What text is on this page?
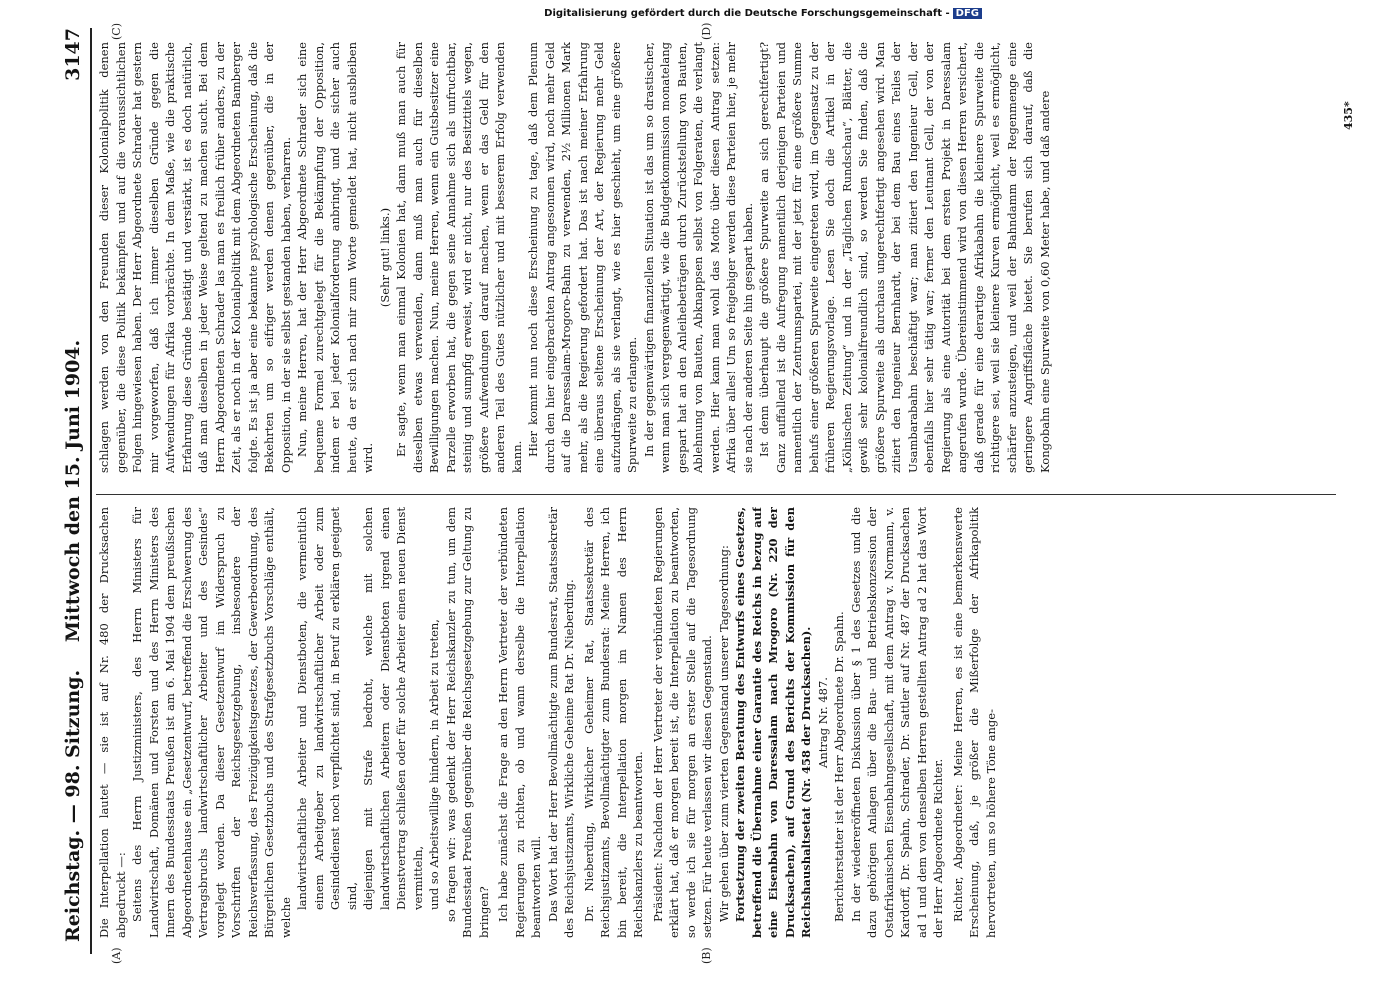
Digitalisierung gefördert durch die Deutsche Forschungsgemeinschaft - DFG
Reichstag. — 98. Sitzung.
Mittwoch den 15. Juni 1904.
3147
(A)	(B)
(C)	(D)

Die Interpellation lautet — sie ist auf Nr. 480 der Drucksachen abgedruckt —: Seitens des Herrn Justizministers, des Herrn Ministers für Landwirtschaft, Domänen und Forsten und des Herrn Ministers des Innern des Bundesstaats Preußen ist am 6. Mai 1904 dem preußischen Abgeordnetenhause ein „Gesetzentwurf, betreffend die Erschwerung des Vertragsbruchs landwirtschaftlicher Arbeiter und des Gesindes“ vorgelegt worden. Da dieser Gesetzentwurf im Widerspruch zu Vorschriften der Reichsgesetzgebung, insbesondere der Reichsverfassung, des Freizügigkeitsgesetzes, der Gewerbeordnung, des Bürgerlichen Gesetzbuchs und des Strafgesetzbuchs Vorschläge enthält, welche

landwirtschaftliche Arbeiter und Dienstboten, die vermeintlich einem Arbeitgeber zu landwirtschaftlicher Arbeit oder zum Gesindedienst noch verpflichtet sind, in Beruf zu erklären geeignet sind, diejenigen mit Strafe bedroht, welche mit solchen landwirtschaftlichen Arbeitern oder Dienstboten irgend einen Dienstvertrag schließen oder für solche Arbeiter einen neuen Dienst vermitteln, und so Arbeitswillige hindern, in Arbeit zu treten, so fragen wir: was gedenkt der Herr Reichskanzler zu tun, um dem Bundesstaat Preußen gegenüber die Reichsgesetzgebung zur Geltung zu bringen? Ich habe zunächst die Frage an den Herrn Vertreter der verbündeten Regierungen zu richten, ob und wann derselbe die Interpellation beantworten will. Das Wort hat der Herr Bevollmächtigte zum Bundesrat, Staatssekretär des Reichsjustizamts, Wirkliche Geheime Rat Dr. Nieberding. Dr. Nieberding, Wirklicher Geheimer Rat, Staatssekretär des Reichsjustizamts, Bevollmächtigter zum Bundesrat: Meine Herren, ich bin bereit, die Interpellation morgen im Namen des Herrn Reichskanzlers zu beantworten. Präsident: Nachdem der Herr Vertreter der verbündeten Regierungen erklärt hat, daß er morgen bereit ist, die Interpellation zu beantworten, so werde ich sie für morgen an erster Stelle auf die Tagesordnung setzen. Für heute verlassen wir diesen Gegenstand. Wir gehen über zum vierten Gegenstand unserer Tagesordnung: Fortsetzung der zweiten Beratung des Entwurfs eines Gesetzes, betreffend die Übernahme einer Garantie des Reichs in bezug auf eine Eisenbahn von Daressalam nach Mrogoro (Nr. 220 der Drucksachen), auf Grund des Berichts der Kommission für den Reichshaushaltsetat (Nr. 458 der Drucksachen). Antrag Nr. 487. Berichterstatter ist der Herr Abgeordnete Dr. Spahn. In der wiedereröffneten Diskussion über § 1 des Gesetzes und die dazu gehörigen Anlagen über die Bau- und Betriebskonzession der Ostafrikanischen Eisenbahngesellschaft, mit dem Antrag v. Normann, v. Kardorff, Dr. Spahn, Schrader, Dr. Sattler auf Nr. 487 der Drucksachen ad 1 und dem von denselben Herren gestellten Antrag ad 2 hat das Wort der Herr Abgeordnete Richter. Richter, Abgeordneter: Meine Herren, es ist eine bemerkenswerte Erscheinung, daß, je größer die Mißerfolge der Afrikapolitik hervortreten, um so höhere Töne ange-

schlagen werden von den Freunden dieser Kolonialpolitik denen gegenüber, die diese Politik bekämpfen und auf die voraussichtlichen Folgen hingewiesen haben. Der Herr Abgeordnete Schrader hat gestern mir vorgeworfen, daß ich immer dieselben Gründe gegen die Aufwendungen für Afrika vorbrächte. In dem Maße, wie die praktische Erfahrung diese Gründe bestätigt und verstärkt, ist es doch natürlich, daß man dieselben in jeder Weise geltend zu machen sucht. Bei dem Herrn Abgeordneten Schrader las man es freilich früher anders, zu der Zeit, als er noch in der Kolonialpolitik mit dem Abgeordneten Bamberger folgte. Es ist ja aber eine bekannte psychologische Erscheinung, daß die Bekehrten um so eifriger werden denen gegenüber, die in der Opposition, in der sie selbst gestanden haben, verharren. Nun, meine Herren, hat der Herr Abgeordnete Schrader sich eine bequeme Formel zurechtgelegt für die Bekämpfung der Opposition, indem er bei jeder Kolonialforderung anbringt, und die sicher auch heute, da er sich nach mir zum Worte gemeldet hat, nicht ausbleiben wird.

(Sehr gut! links.) Er sagte, wenn man einmal Kolonien hat, dann muß man auch für dieselben etwas verwenden, dann muß man auch für dieselben Bewilligungen machen. Nun, meine Herren, wenn ein Gutsbesitzer eine Parzelle erworben hat, die gegen seine Annahme sich als unfruchtbar, steinig und sumpfig erweist, wird er nicht, nur des Besitztitels wegen, größere Aufwendungen darauf machen, wenn er das Geld für den anderen Teil des Gutes nützlicher und mit besserem Erfolg verwenden kann. Hier kommt nun noch diese Erscheinung zu tage, daß dem Plenum durch den hier eingebrachten Antrag angesonnen wird, noch mehr Geld auf die Daressalam-Mrogoro-Bahn zu verwenden, 2½ Millionen Mark mehr, als die Regierung gefordert hat. Das ist nach meiner Erfahrung eine überaus seltene Erscheinung der Art, der Regierung mehr Geld aufzudrängen, als sie verlangt, wie es hier geschieht, um eine größere Spurweite zu erlangen. In der gegenwärtigen finanziellen Situation ist das um so drastischer, wenn man sich vergegenwärtigt, wie die Budgetkommission monatelang gespart hat an den Anleihebeträgen durch Zurückstellung von Bauten, Ablehnung von Bauten, Abknappsen selbst von Folgeraten, die verlangt werden. Hier kann man wohl das Motto über diesen Antrag setzen: Afrika über alles! Um so freigebiger werden diese Parteien hier, je mehr sie nach der anderen Seite hin gespart haben. Ist denn überhaupt die größere Spurweite an sich gerechtfertigt? Ganz auffallend ist die Aufregung namentlich derjenigen Parteien und namentlich der Zentrumspartei, mit der jetzt für eine größere Summe behufs einer größeren Spurweite eingetreten wird, im Gegensatz zu der früheren Regierungsvorlage. Lesen Sie doch die Artikel in der „Kölnischen Zeitung“ und in der „Täglichen Rundschau“, Blätter, die gewiß sehr kolonialfreundlich sind, so werden Sie finden, daß die größere Spurweite als durchaus ungerechtfertigt angesehen wird. Man zitiert den Ingenieur Bernhardt, der bei dem Bau eines Teiles der Usambarabahn beschäftigt war; man zitiert den Ingenieur Gell, der ebenfalls hier sehr tätig war; ferner den Leutnant Gell, der von der Regierung als eine Autorität bei dem ersten Projekt in Daressalam angerufen wurde. Übereinstimmend wird von diesen Herren versichert, daß gerade für eine derartige Afrikabahn die kleinere Spurweite die richtigere sei, weil sie kleinere Kurven ermöglicht, weil es ermöglicht, schärfer anzusteigen, und weil der Bahndamm der Regenmenge eine geringere Angriffsfläche bietet. Sie berufen sich darauf, daß die Kongobahn eine Spurweite von 0,60 Meter habe, und daß andere	435*
